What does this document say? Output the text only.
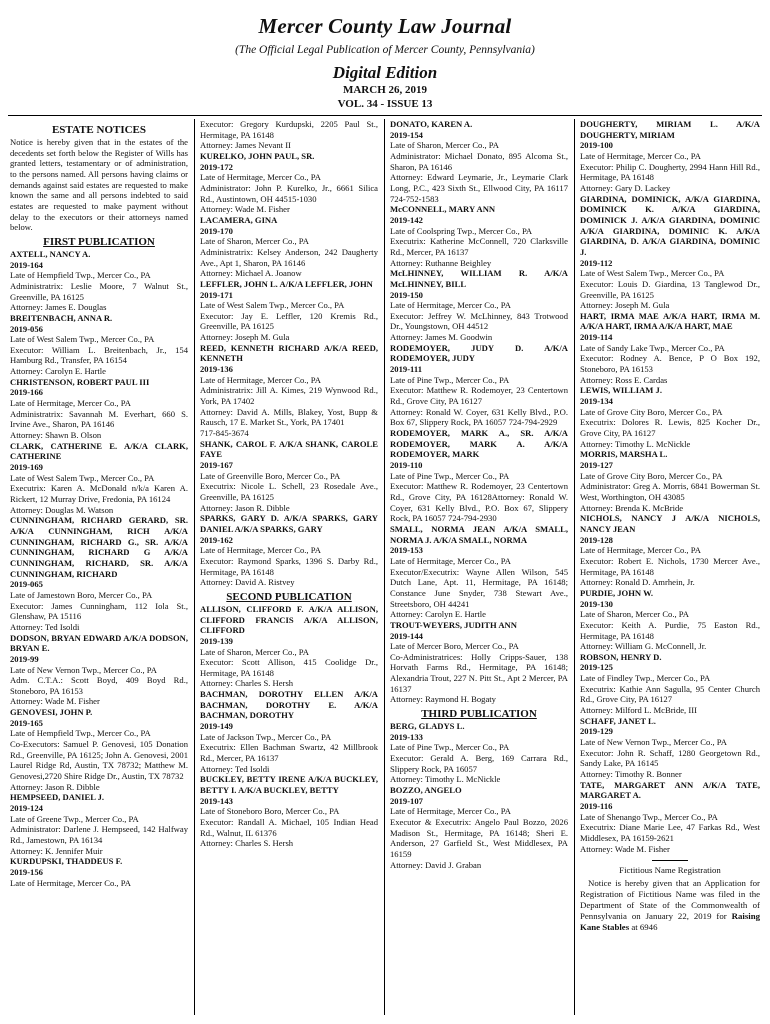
Mercer County Law Journal
(The Official Legal Publication of Mercer County, Pennsylvania)
Digital Edition
MARCH 26, 2019
VOL. 34 - ISSUE 13
ESTATE NOTICES

Notice is hereby given that in the estates of the decedents set forth below the Register of Wills has granted letters, testamentary or of administration, to the persons named. All persons having claims or demands against said estates are requested to make known the same and all persons indebted to said estates are requested to make payment without delay to the executors or their attorneys named below.

FIRST PUBLICATION

AXTELL, NANCY A.

2019-164

Late of Hempfield Twp., Mercer Co., PA

Administratrix: Leslie Moore, 7 Walnut St., Greenville, PA 16125

Attorney: James E. Douglas

BREITENBACH, ANNA R.

2019-056

Late of West Salem Twp., Mercer Co., PA

Executor: William L. Breitenbach, Jr., 154 Hamburg Rd., Transfer, PA 16154

Attorney: Carolyn E. Hartle

CHRISTENSON, ROBERT PAUL III

2019-166

Late of Hermitage, Mercer Co., PA

Administratrix: Savannah M. Everhart, 660 S. Irvine Ave., Sharon, PA 16146

Attorney: Shawn B. Olson

CLARK, CATHERINE E. A/K/A CLARK, CATHERINE

2019-169

Late of West Salem Twp., Mercer Co., PA

Executrix: Karen A. McDonald n/k/a Karen A. Rickert, 12 Murray Drive, Fredonia, PA 16124

Attorney: Douglas M. Watson

CUNNINGHAM, RICHARD GERARD, SR. A/K/A CUNNINGHAM, RICH A/K/A CUNNINGHAM, RICHARD G., SR. A/K/A CUNNINGHAM, RICHARD G A/K/A CUNNINGHAM, RICHARD, SR. A/K/A CUNNINGHAM, RICHARD

2019-065

Late of Jamestown Boro, Mercer Co., PA

Executor: James Cunningham, 112 Iola St., Glenshaw, PA 15116

Attorney: Ted Isoldi

DODSON, BRYAN EDWARD A/K/A DODSON, BRYAN E.

2019-99

Late of New Vernon Twp., Mercer Co., PA

Adm. C.T.A.: Scott Boyd, 409 Boyd Rd., Stoneboro, PA 16153

Attorney: Wade M. Fisher

GENOVESI, JOHN P.

2019-165

Late of Hempfield Twp., Mercer Co., PA

Co-Executors: Samuel P. Genovesi, 105 Donation Rd., Greenville, PA 16125; John A. Genovesi, 2001 Laurel Ridge Rd, Austin, TX 78732; Matthew M. Genovesi,2720 Shire Ridge Dr., Austin, TX 78732

Attorney: Jason R. Dibble

HEMPSEED, DANIEL J.

2019-124

Late of Greene Twp., Mercer Co., PA

Administrator: Darlene J. Hempseed, 142 Halfway Rd., Jamestown, PA 16134

Attorney: K. Jennifer Muir

KURDUPSKI, THADDEUS F.

2019-156

Late of Hermitage, Mercer Co., PA

Executor: Gregory Kurdupski, 2205 Paul St., Hermitage, PA 16148

Attorney: James Nevant II

KURELKO, JOHN PAUL, SR.

2019-172

Late of Hermitage, Mercer Co., PA

Administrator: John P. Kurelko, Jr., 6661 Silica Rd., Austintown, OH 44515-1030

Attorney: Wade M. Fisher

LACAMERA, GINA

2019-170

Late of Sharon, Mercer Co., PA

Administratrix: Kelsey Anderson, 242 Daugherty Ave., Apt 1, Sharon, PA 16146

Attorney: Michael A. Joanow

LEFFLER, JOHN L. A/K/A LEFFLER, JOHN

2019-171

Late of West Salem Twp., Mercer Co., PA

Executor: Jay E. Leffler, 120 Kremis Rd., Greenville, PA 16125

Attorney: Joseph M. Gula

REED, KENNETH RICHARD A/K/A REED, KENNETH

2019-136

Late of Hermitage, Mercer Co., PA

Administratrix: Jill A. Kimes, 219 Wynwood Rd., York, PA 17402

Attorney: David A. Mills, Blakey, Yost, Bupp & Rausch, 17 E. Market St., York, PA 17401

717-845-3674

SHANK, CAROL F. A/K/A SHANK, CAROLE FAYE

2019-167

Late of Greenville Boro, Mercer Co., PA

Executrix: Nicole L. Schell, 23 Rosedale Ave., Greenville, PA 16125

Attorney: Jason R. Dibble

SPARKS, GARY D. A/K/A SPARKS, GARY DANIEL A/K/A SPARKS, GARY

2019-162

Late of Hermitage, Mercer Co., PA

Executor: Raymond Sparks, 1396 S. Darby Rd., Hermitage, PA 16148

Attorney: David A. Ristvey

SECOND PUBLICATION

ALLISON, CLIFFORD F. A/K/A ALLISON, CLIFFORD FRANCIS A/K/A ALLISON, CLIFFORD

2019-139

Late of Sharon, Mercer Co., PA

Executor: Scott Allison, 415 Coolidge Dr., Hermitage, PA 16148

Attorney: Charles S. Hersh

BACHMAN, DOROTHY ELLEN A/K/A BACHMAN, DOROTHY E. A/K/A BACHMAN, DOROTHY

2019-149

Late of Jackson Twp., Mercer Co., PA

Executrix: Ellen Bachman Swartz, 42 Millbrook Rd., Mercer, PA 16137

Attorney: Ted Isoldi

BUCKLEY, BETTY IRENE A/K/A BUCKLEY, BETTY I. A/K/A BUCKLEY, BETTY

2019-143

Late of Stoneboro Boro, Mercer Co., PA

Executor: Randall A. Michael, 105 Indian Head Rd., Walnut, IL 61376

Attorney: Charles S. Hersh

DONATO, KAREN A.

2019-154

Late of Sharon, Mercer Co., PA

Administrator: Michael Donato, 895 Alcoma St., Sharon, PA 16146

Attorney: Edward Leymarie, Jr., Leymarie Clark Long, P.C., 423 Sixth St., Ellwood City, PA 16117 724-752-1583

McCONNELL, MARY ANN

2019-142

Late of Coolspring Twp., Mercer Co., PA

Executrix: Katherine McConnell, 720 Clarksville Rd., Mercer, PA 16137

Attorney: Ruthanne Beighley

McLHINNEY, WILLIAM R. A/K/A McLHINNEY, BILL

2019-150

Late of Hermitage, Mercer Co., PA

Executor: Jeffrey W. McLhinney, 843 Trotwood Dr., Youngstown, OH 44512

Attorney: James M. Goodwin

RODEMOYER, JUDY D. A/K/A RODEMOYER, JUDY

2019-111

Late of Pine Twp., Mercer Co., PA

Executor: Matthew R. Rodemoyer, 23 Centertown Rd., Grove City, PA 16127

Attorney: Ronald W. Coyer, 631 Kelly Blvd., P.O. Box 67, Slippery Rock, PA 16057 724-794-2929

RODEMOYER, MARK A., SR. A/K/A RODEMOYER, MARK A. A/K/A RODEMOYER, MARK

2019-110

Late of Pine Twp., Mercer Co., PA

Executor: Matthew R. Rodemoyer, 23 Centertown Rd., Grove City, PA 16128Attorney: Ronald W. Coyer, 631 Kelly Blvd., P.O. Box 67, Slippery Rock, PA 16057 724-794-2930

SMALL, NORMA JEAN A/K/A SMALL, NORMA J. A/K/A SMALL, NORMA

2019-153

Late of Hermitage, Mercer Co., PA

Executor/Executrix: Wayne Allen Wilson, 545 Dutch Lane, Apt. 11, Hermitage, PA 16148; Constance June Snyder, 738 Stewart Ave., Streetsboro, OH 44241

Attorney: Carolyn E. Hartle

TROUT-WEYERS, JUDITH ANN

2019-144

Late of Mercer Boro, Mercer Co., PA

Co-Administratrices: Holly Cripps-Sauer, 138 Horvath Farms Rd., Hermitage, PA 16148; Alexandria Trout, 227 N. Pitt St., Apt 2 Mercer, PA 16137

Attorney: Raymond H. Bogaty

THIRD PUBLICATION

BERG, GLADYS L.

2019-133

Late of Pine Twp., Mercer Co., PA

Executor: Gerald A. Berg, 169 Carrara Rd., Slippery Rock, PA 16057

Attorney: Timothy L. McNickle

BOZZO, ANGELO

2019-107

Late of Hermitage, Mercer Co., PA

Executor & Executrix: Angelo Paul Bozzo, 2026 Madison St., Hermitage, PA 16148; Sheri E. Anderson, 27 Garfield St., West Middlesex, PA 16159

Attorney: David J. Graban

DOUGHERTY, MIRIAM L. A/K/A DOUGHERTY, MIRIAM

2019-100

Late of Hermitage, Mercer Co., PA

Executor: Philip C. Dougherty, 2994 Hann Hill Rd., Hermitage, PA 16148

Attorney: Gary D. Lackey

GIARDINA, DOMINICK, A/K/A GIARDINA, DOMINICK K. A/K/A GIARDINA, DOMINICK J. A/K/A GIARDINA, DOMINIC A/K/A GIARDINA, DOMINIC K. A/K/A GIARDINA, D. A/K/A GIARDINA, DOMINIC J.

2019-112

Late of West Salem Twp., Mercer Co., PA

Executor: Louis D. Giardina, 13 Tanglewod Dr., Greenville, PA 16125

Attorney: Joseph M. Gula

HART, IRMA MAE A/K/A HART, IRMA M. A/K/A HART, IRMA A/K/A HART, MAE

2019-114

Late of Sandy Lake Twp., Mercer Co., PA

Executor: Rodney A. Bence, P O Box 192, Stoneboro, PA 16153

Attorney: Ross E. Cardas

LEWIS, WILLIAM J.

2019-134

Late of Grove City Boro, Mercer Co., PA

Executrix: Dolores R. Lewis, 825 Kocher Dr., Grove City, PA 16127

Attorney: Timothy L. McNickle

MORRIS, MARSHA L.

2019-127

Late of Grove City Boro, Mercer Co., PA

Administrator: Greg A. Morris, 6841 Bowerman St. West, Worthington, OH 43085

Attorney: Brenda K. McBride

NICHOLS, NANCY J A/K/A NICHOLS, NANCY JEAN

2019-128

Late of Hermitage, Mercer Co., PA

Executor: Robert E. Nichols, 1730 Mercer Ave., Hermitage, PA 16148

Attorney: Ronald D. Amrhein, Jr.

PURDIE, JOHN W.

2019-130

Late of Sharon, Mercer Co., PA

Executor: Keith A. Purdie, 75 Easton Rd., Hermitage, PA 16148

Attorney: William G. McConnell, Jr.

ROBSON, HENRY D.

2019-125

Late of Findley Twp., Mercer Co., PA

Executrix: Kathie Ann Sagulla, 95 Center Church Rd., Grove City, PA 16127

Attorney: Milford L. McBride, III

SCHAFF, JANET L.

2019-129

Late of New Vernon Twp., Mercer Co., PA

Executor: John R. Schaff, 1280 Georgetown Rd., Sandy Lake, PA 16145

Attorney: Timothy R. Bonner

TATE, MARGARET ANN A/K/A TATE, MARGARET A.

2019-116

Late of Shenango Twp., Mercer Co., PA

Executrix: Diane Marie Lee, 47 Farkas Rd., West Middlesex, PA 16159-2621

Attorney: Wade M. Fisher

Fictitious Name Registration

Notice is hereby given that an Application for Registration of Fictitious Name was filed in the Department of State of the Commonwealth of Pennsylvania on January 22, 2019 for Raising Kane Stables at 6946
